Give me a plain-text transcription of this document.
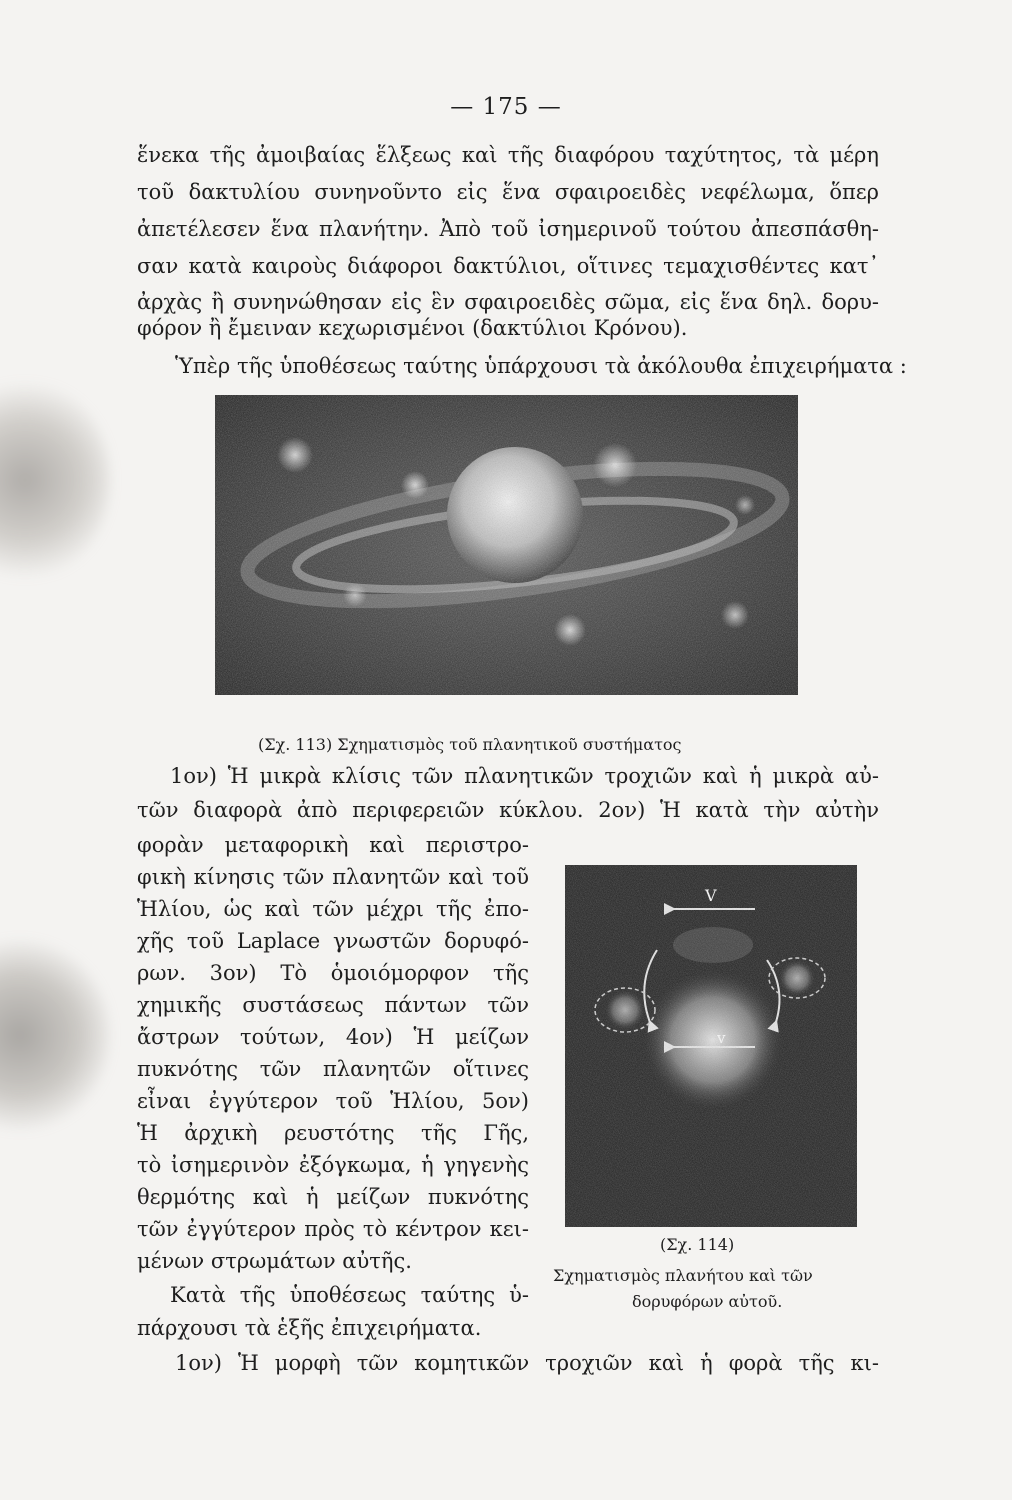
— 175 —
ἕνεκα τῆς ἀμοιβαίας ἕλξεως καὶ τῆς διαφόρου ταχύτητος, τὰ μέρη
τοῦ δακτυλίου συνηνοῦντο εἰς ἕνα σφαιροειδὲς νεφέλωμα, ὅπερ
ἀπετέλεσεν ἕνα πλανήτην. Ἀπὸ τοῦ ἰσημερινοῦ τούτου ἀπεσπάσθη-
σαν κατὰ καιροὺς διάφοροι δακτύλιοι, οἵτινες τεμαχισθέντες κατ᾽
ἀρχὰς ἢ συνηνώθησαν εἰς ἓν σφαιροειδὲς σῶμα, εἰς ἕνα δηλ. δορυ-
φόρον ἢ ἔμειναν κεχωρισμένοι (δακτύλιοι Κρόνου).
Ὑπὲρ τῆς ὑποθέσεως ταύτης ὑπάρχουσι τὰ ἀκόλουθα ἐπιχειρήματα :
(Σχ. 113) Σχηματισμὸς τοῦ πλανητικοῦ συστήματος
1ον) Ἡ μικρὰ κλίσις τῶν πλανητικῶν τροχιῶν καὶ ἡ μικρὰ αὐ-
τῶν διαφορὰ ἀπὸ περιφερειῶν κύκλου. 2ον) Ἡ κατὰ τὴν αὐτὴν
φορὰν μεταφορικὴ καὶ περιστρο-
φικὴ κίνησις τῶν πλανητῶν καὶ τοῦ
Ἡλίου, ὡς καὶ τῶν μέχρι τῆς ἐπο-
χῆς τοῦ Laplace γνωστῶν δορυφό-
ρων. 3ον) Τὸ ὁμοιόμορφον τῆς
χημικῆς συστάσεως πάντων τῶν
ἄστρων τούτων, 4ον) Ἡ μείζων
πυκνότης τῶν πλανητῶν οἵτινες
εἶναι ἐγγύτερον τοῦ Ἡλίου, 5ον)
Ἡ ἀρχικὴ ρευστότης τῆς Γῆς,
τὸ ἰσημερινὸν ἐξόγκωμα, ἡ γηγενὴς
θερμότης καὶ ἡ μείζων πυκνότης
τῶν ἐγγύτερον πρὸς τὸ κέντρον κει-
μένων στρωμάτων αὐτῆς.
Κατὰ τῆς ὑποθέσεως ταύτης ὑ-
πάρχουσι τὰ ἑξῆς ἐπιχειρήματα.
(Σχ. 114)
Σχηματισμὸς πλανήτου καὶ τῶν
δορυφόρων αὐτοῦ.
1ον) Ἡ μορφὴ τῶν κομητικῶν τροχιῶν καὶ ἡ φορὰ τῆς κι-
